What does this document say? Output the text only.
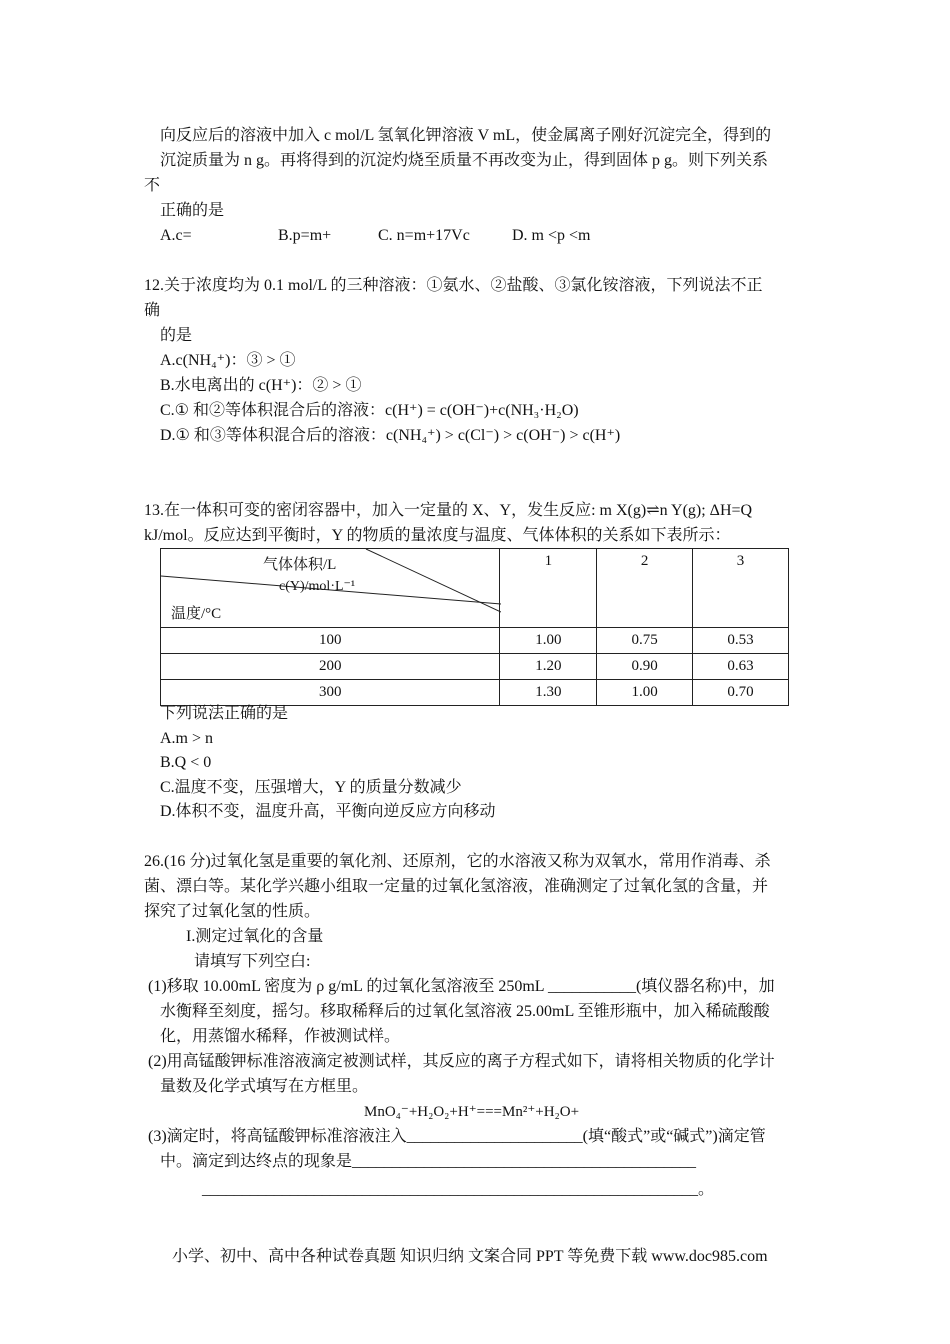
向反应后的溶液中加入 c mol/L 氢氧化钾溶液 V mL，使金属离子刚好沉淀完全，得到的
沉淀质量为 n g。再将得到的沉淀灼烧至质量不再改变为止，得到固体 p g。则下列关系
不
正确的是
A.c=	B.p=m+	C. n=m+17Vc	D. m <p <m
12.关于浓度均为 0.1 mol/L 的三种溶液：①氨水、②盐酸、③氯化铵溶液，下列说法不正
确
的是
A.c(NH₄⁺)：③ > ①
B.水电离出的 c(H⁺)：② > ①
C.① 和②等体积混合后的溶液：c(H⁺) = c(OH⁻)+c(NH₃·H₂O)
D.① 和③等体积混合后的溶液：c(NH₄⁺) > c(Cl⁻) > c(OH⁻) > c(H⁺)
13.在一体积可变的密闭容器中，加入一定量的 X、Y，发生反应: m X(g)⇌n Y(g); ΔH=Q
kJ/mol。反应达到平衡时，Y 的物质的量浓度与温度、气体体积的关系如下表所示：
气体体积/L
c(Y)/mol·L⁻¹
温度/°C	1	2	3
100	1.00	0.75	0.53
200	1.20	0.90	0.63
300	1.30	1.00	0.70
下列说法正确的是
A.m > n
B.Q < 0
C.温度不变，压强增大，Y 的质量分数减少
D.体积不变，温度升高，平衡向逆反应方向移动
26.(16 分)过氧化氢是重要的氧化剂、还原剂，它的水溶液又称为双氧水，常用作消毒、杀
菌、漂白等。某化学兴趣小组取一定量的过氧化氢溶液，准确测定了过氧化氢的含量，并
探究了过氧化氢的性质。
I.测定过氧化的含量
请填写下列空白:
(1)移取 10.00mL 密度为 ρ g/mL 的过氧化氢溶液至 250mL ___________(填仪器名称)中，加
水衡释至刻度，摇匀。移取稀释后的过氧化氢溶液 25.00mL 至锥形瓶中，加入稀硫酸酸
化，用蒸馏水稀释，作被测试样。
(2)用高锰酸钾标准溶液滴定被测试样，其反应的离子方程式如下，请将相关物质的化学计
量数及化学式填写在方框里。
MnO₄⁻+H₂O₂+H⁺===Mn²⁺+H₂O+
(3)滴定时，将高锰酸钾标准溶液注入______________________(填“酸式”或“碱式”)滴定管
中。滴定到达终点的现象是___________________________________________
______________________________________________________________。
小学、初中、高中各种试卷真题 知识归纳 文案合同 PPT 等免费下载 www.doc985.com
